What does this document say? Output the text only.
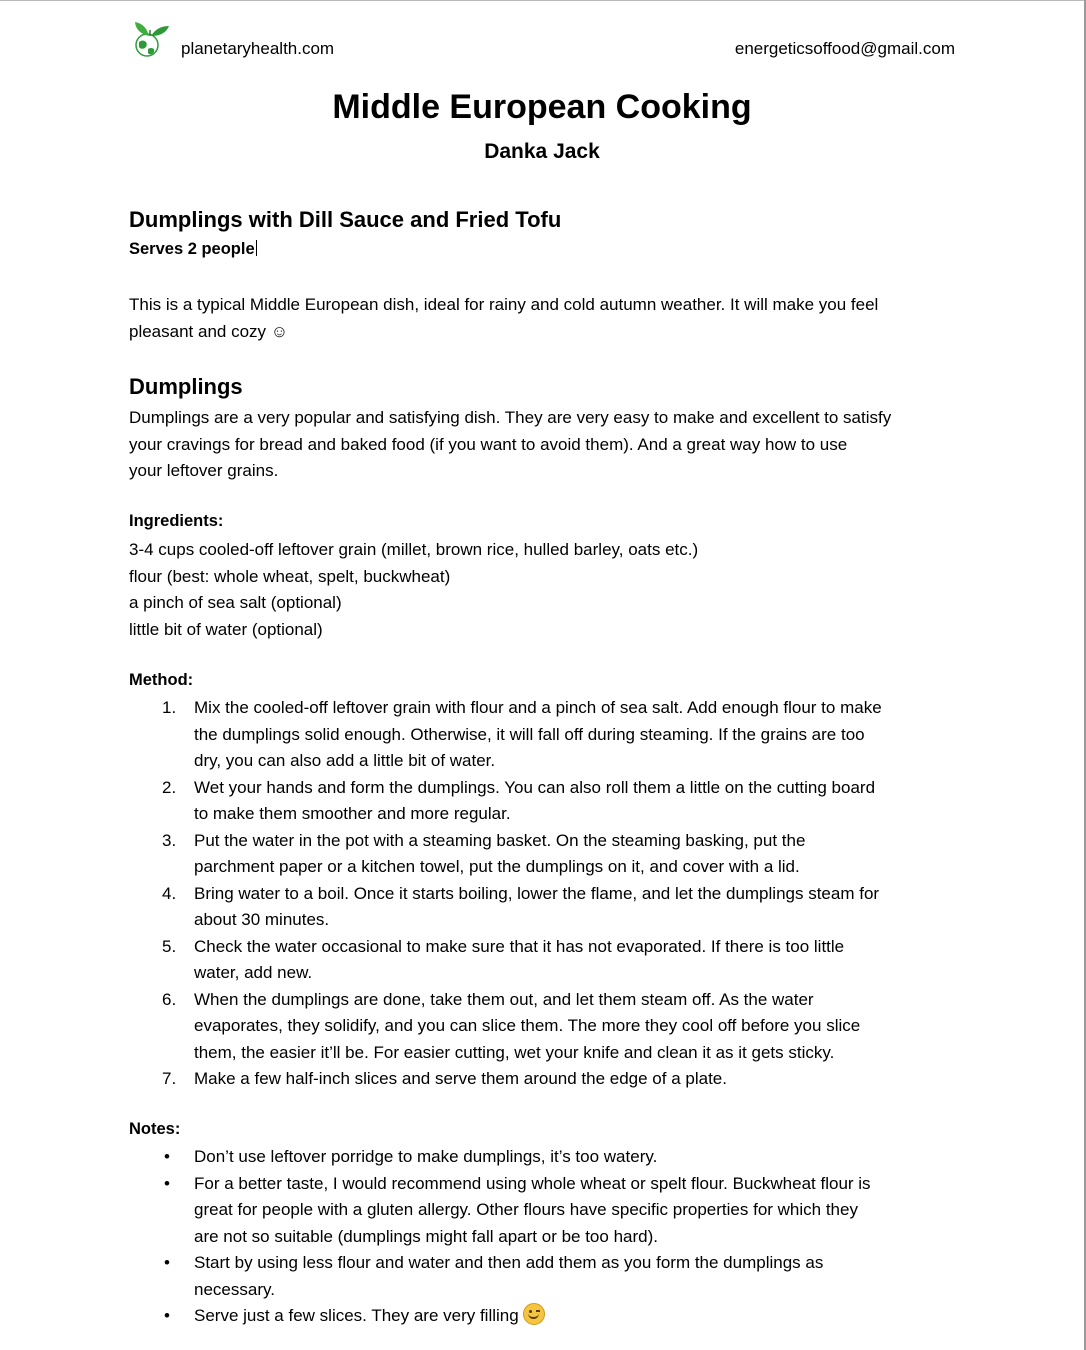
planetaryhealth.com	energeticsoffood@gmail.com
Middle European Cooking
Danka Jack
Dumplings with Dill Sauce and Fried Tofu
Serves 2 people
This is a typical Middle European dish, ideal for rainy and cold autumn weather. It will make you feel
pleasant and cozy ☺
Dumplings
Dumplings are a very popular and satisfying dish. They are very easy to make and excellent to satisfy
your cravings for bread and baked food (if you want to avoid them). And a great way how to use
your leftover grains.
Ingredients:
3-4 cups cooled-off leftover grain (millet, brown rice, hulled barley, oats etc.)
flour (best: whole wheat, spelt, buckwheat)
a pinch of sea salt (optional)
little bit of water (optional)
Method:
1. Mix the cooled-off leftover grain with flour and a pinch of sea salt. Add enough flour to make
the dumplings solid enough. Otherwise, it will fall off during steaming. If the grains are too
dry, you can also add a little bit of water.
2. Wet your hands and form the dumplings. You can also roll them a little on the cutting board
to make them smoother and more regular.
3. Put the water in the pot with a steaming basket. On the steaming basking, put the
parchment paper or a kitchen towel, put the dumplings on it, and cover with a lid.
4. Bring water to a boil. Once it starts boiling, lower the flame, and let the dumplings steam for
about 30 minutes.
5. Check the water occasional to make sure that it has not evaporated. If there is too little
water, add new.
6. When the dumplings are done, take them out, and let them steam off. As the water
evaporates, they solidify, and you can slice them. The more they cool off before you slice
them, the easier it’ll be. For easier cutting, wet your knife and clean it as it gets sticky.
7. Make a few half-inch slices and serve them around the edge of a plate.
Notes:
• Don’t use leftover porridge to make dumplings, it’s too watery.
• For a better taste, I would recommend using whole wheat or spelt flour. Buckwheat flour is
great for people with a gluten allergy. Other flours have specific properties for which they
are not so suitable (dumplings might fall apart or be too hard).
• Start by using less flour and water and then add them as you form the dumplings as
necessary.
• Serve just a few slices. They are very filling
